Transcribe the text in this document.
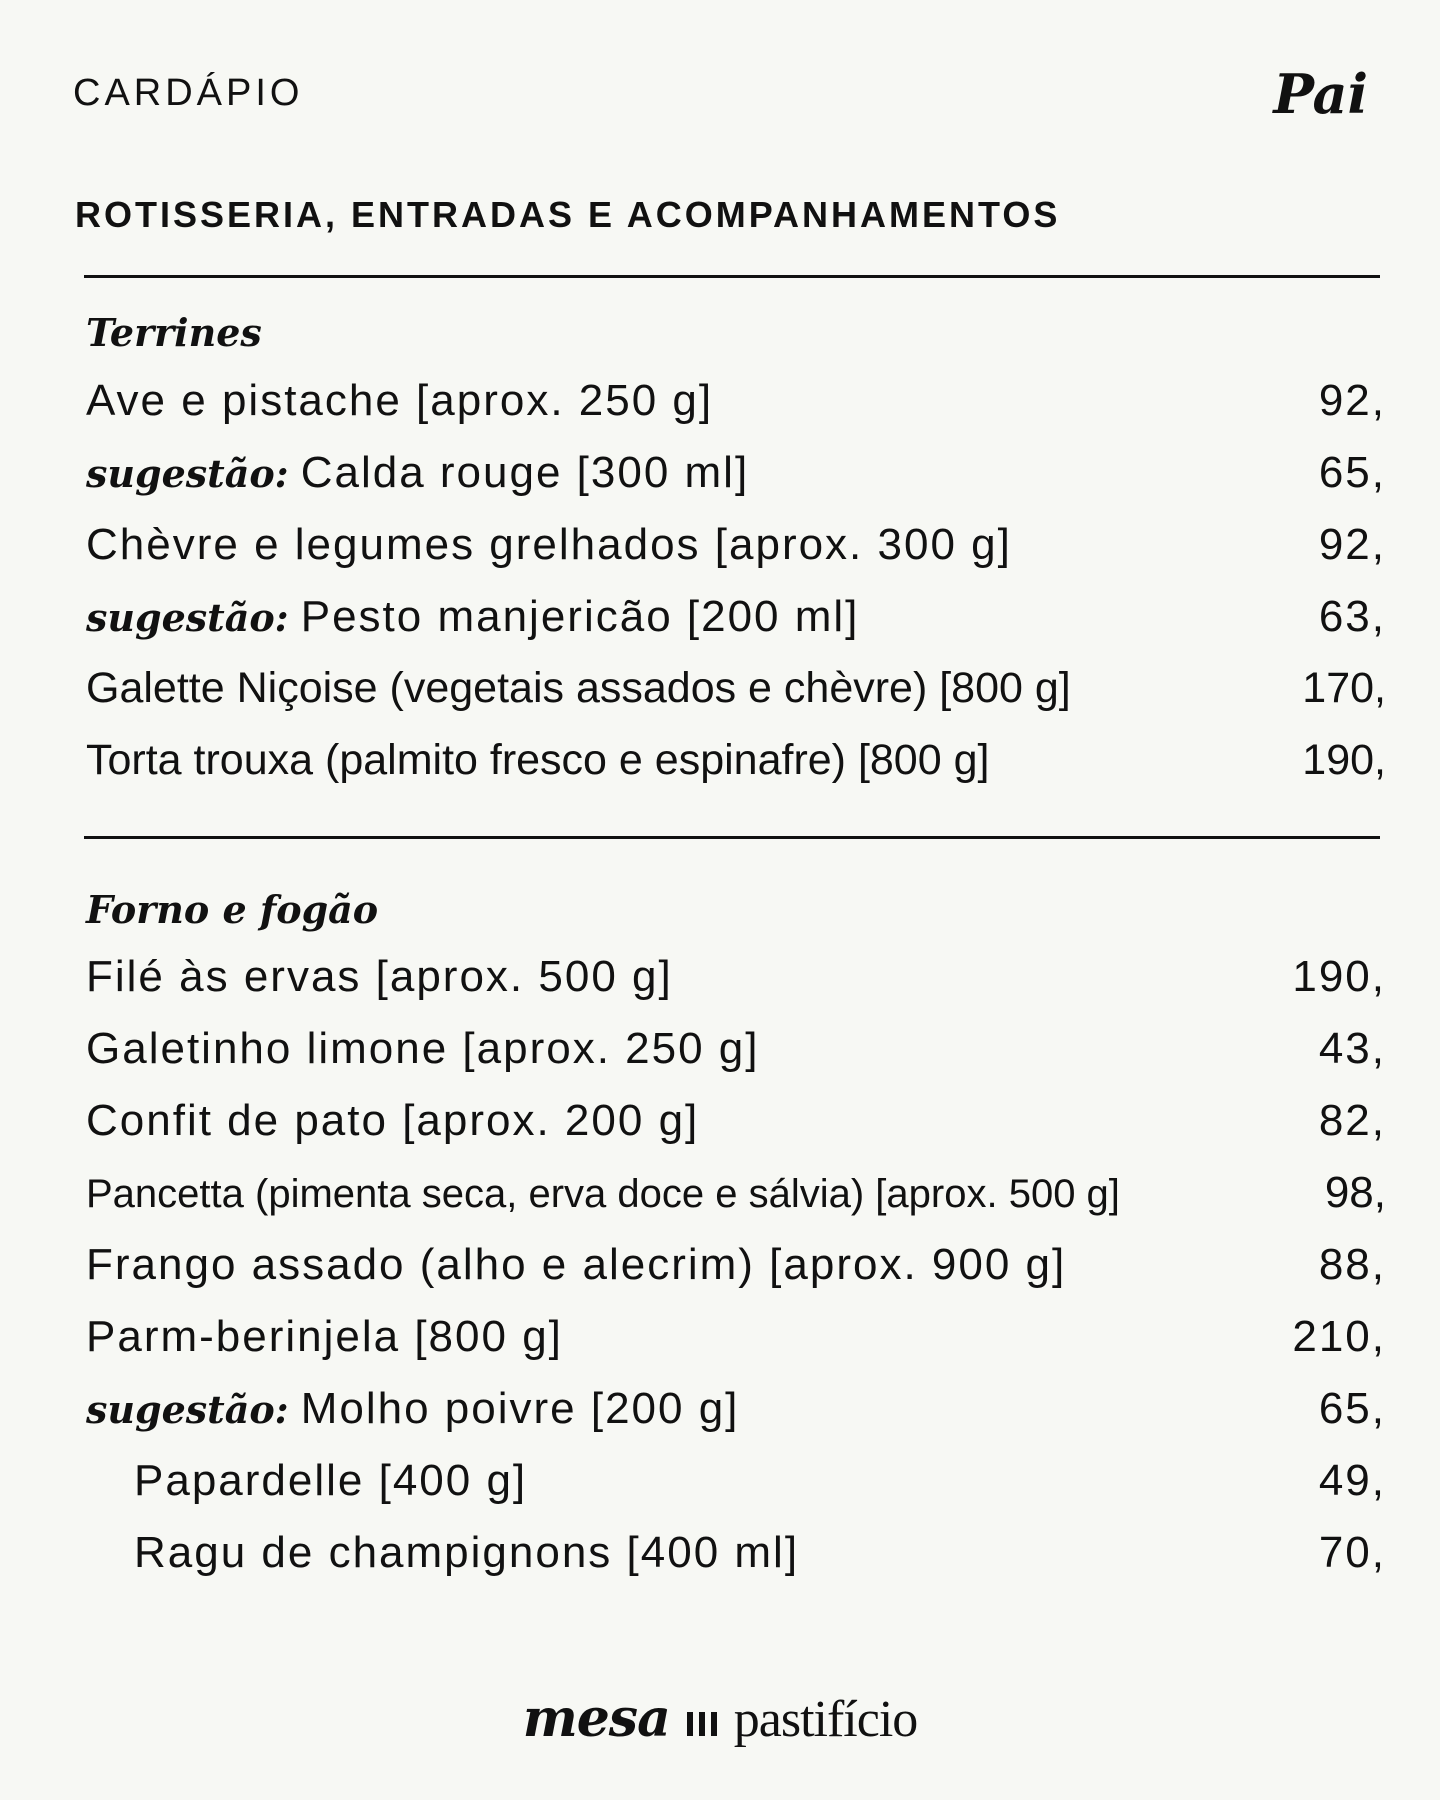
CARDÁPIO	Pai
ROTISSERIA, ENTRADAS E ACOMPANHAMENTOS
Terrines
Ave e pistache [aprox. 250 g]	92,
sugestão: Calda rouge [300 ml]	65,
Chèvre e legumes grelhados [aprox. 300 g]	92,
sugestão: Pesto manjericão [200 ml]	63,
Galette Niçoise (vegetais assados e chèvre) [800 g]	170,
Torta trouxa (palmito fresco e espinafre) [800 g]	190,
Forno e fogão
Filé às ervas [aprox. 500 g]	190,
Galetinho limone [aprox. 250 g]	43,
Confit de pato [aprox. 200 g]	82,
Pancetta (pimenta seca, erva doce e sálvia) [aprox. 500 g]	98,
Frango assado (alho e alecrim) [aprox. 900 g]	88,
Parm-berinjela [800 g]	210,
sugestão: Molho poivre [200 g]	65,
Papardelle [400 g]	49,
Ragu de champignons [400 ml]	70,
mesa pastifício
